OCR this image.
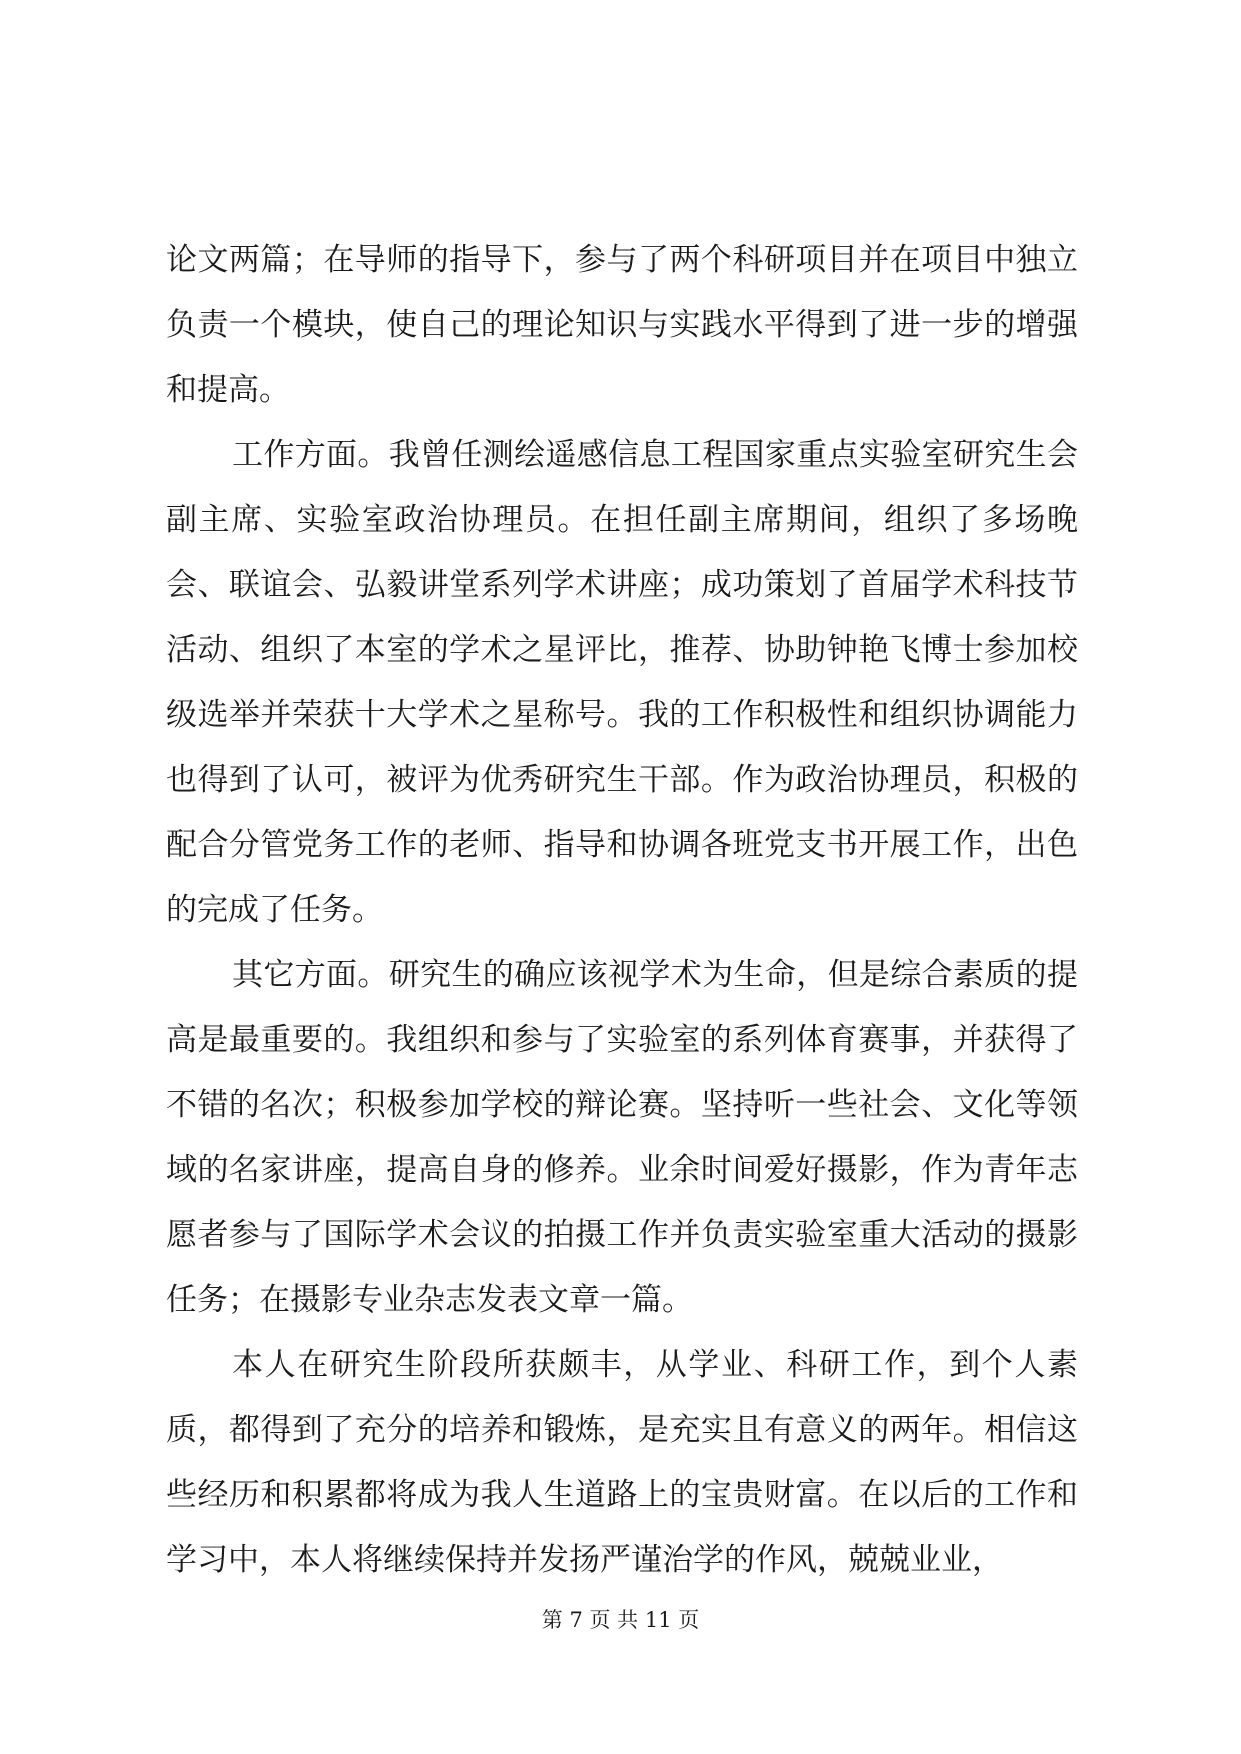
论文两篇；在导师的指导下，参与了两个科研项目并在项目中独立负责一个模块，使自己的理论知识与实践水平得到了进一步的增强和提高。

工作方面。我曾任测绘遥感信息工程国家重点实验室研究生会副主席、实验室政治协理员。在担任副主席期间，组织了多场晚会、联谊会、弘毅讲堂系列学术讲座；成功策划了首届学术科技节活动、组织了本室的学术之星评比，推荐、协助钟艳飞博士参加校级选举并荣获十大学术之星称号。我的工作积极性和组织协调能力也得到了认可，被评为优秀研究生干部。作为政治协理员，积极的配合分管党务工作的老师、指导和协调各班党支书开展工作，出色的完成了任务。

其它方面。研究生的确应该视学术为生命，但是综合素质的提高是最重要的。我组织和参与了实验室的系列体育赛事，并获得了不错的名次；积极参加学校的辩论赛。坚持听一些社会、文化等领域的名家讲座，提高自身的修养。业余时间爱好摄影，作为青年志愿者参与了国际学术会议的拍摄工作并负责实验室重大活动的摄影任务；在摄影专业杂志发表文章一篇。

本人在研究生阶段所获颇丰，从学业、科研工作，到个人素质，都得到了充分的培养和锻炼，是充实且有意义的两年。相信这些经历和积累都将成为我人生道路上的宝贵财富。在以后的工作和学习中，本人将继续保持并发扬严谨治学的作风，兢兢业业，

第 7 页 共 11 页
